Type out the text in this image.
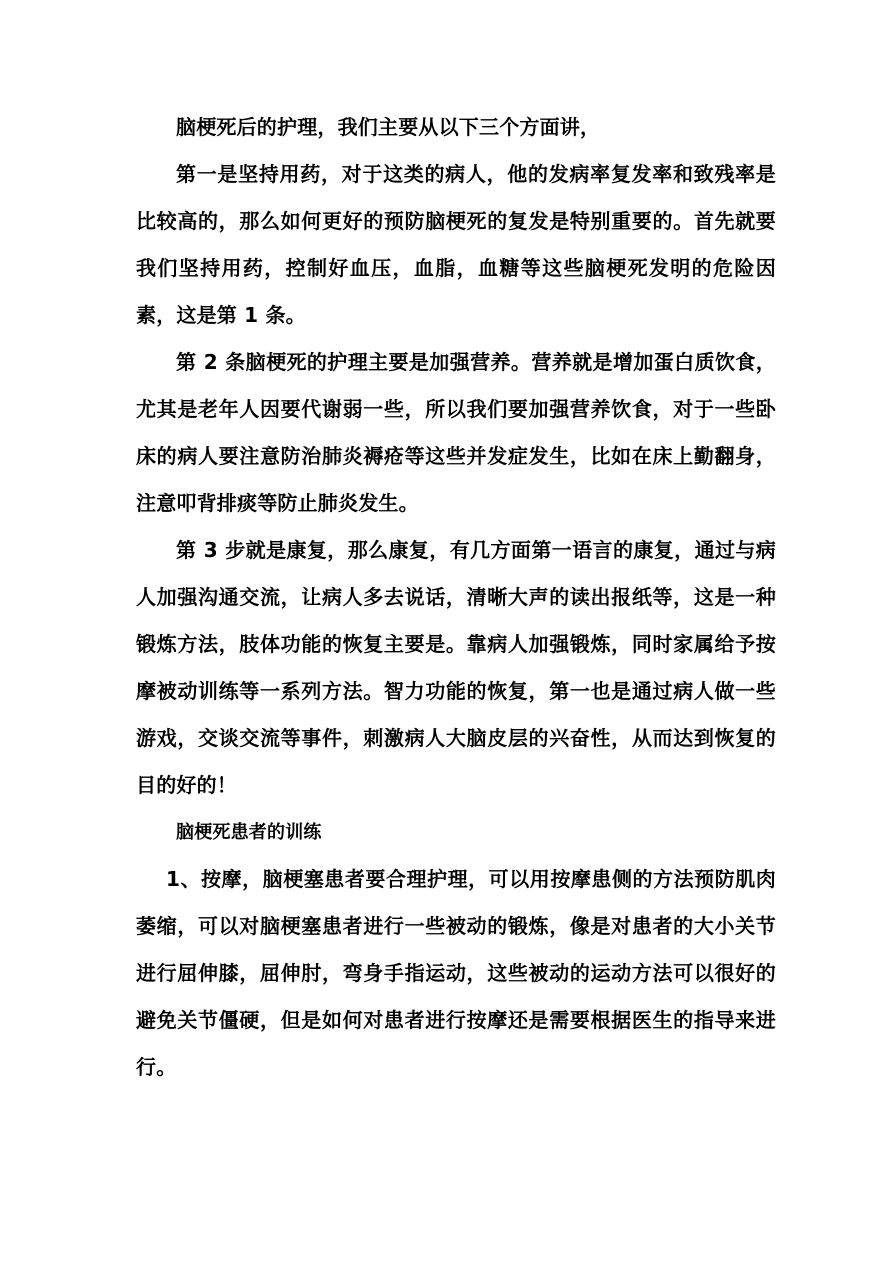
脑梗死后的护理，我们主要从以下三个方面讲，

第一是坚持用药，对于这类的病人，他的发病率复发率和致残率是比较高的，那么如何更好的预防脑梗死的复发是特别重要的。首先就要我们坚持用药，控制好血压，血脂，血糖等这些脑梗死发明的危险因素，这是第 1 条。

第 2 条脑梗死的护理主要是加强营养。营养就是增加蛋白质饮食，尤其是老年人因要代谢弱一些，所以我们要加强营养饮食，对于一些卧床的病人要注意防治肺炎褥疮等这些并发症发生，比如在床上勤翻身，注意叩背排痰等防止肺炎发生。

第 3 步就是康复，那么康复，有几方面第一语言的康复，通过与病人加强沟通交流，让病人多去说话，清晰大声的读出报纸等，这是一种锻炼方法，肢体功能的恢复主要是。靠病人加强锻炼，同时家属给予按摩被动训练等一系列方法。智力功能的恢复，第一也是通过病人做一些游戏，交谈交流等事件，刺激病人大脑皮层的兴奋性，从而达到恢复的目的好的！

脑梗死患者的训练

1、按摩，脑梗塞患者要合理护理，可以用按摩患侧的方法预防肌肉萎缩，可以对脑梗塞患者进行一些被动的锻炼，像是对患者的大小关节进行屈伸膝，屈伸肘，弯身手指运动，这些被动的运动方法可以很好的避免关节僵硬，但是如何对患者进行按摩还是需要根据医生的指导来进行。
